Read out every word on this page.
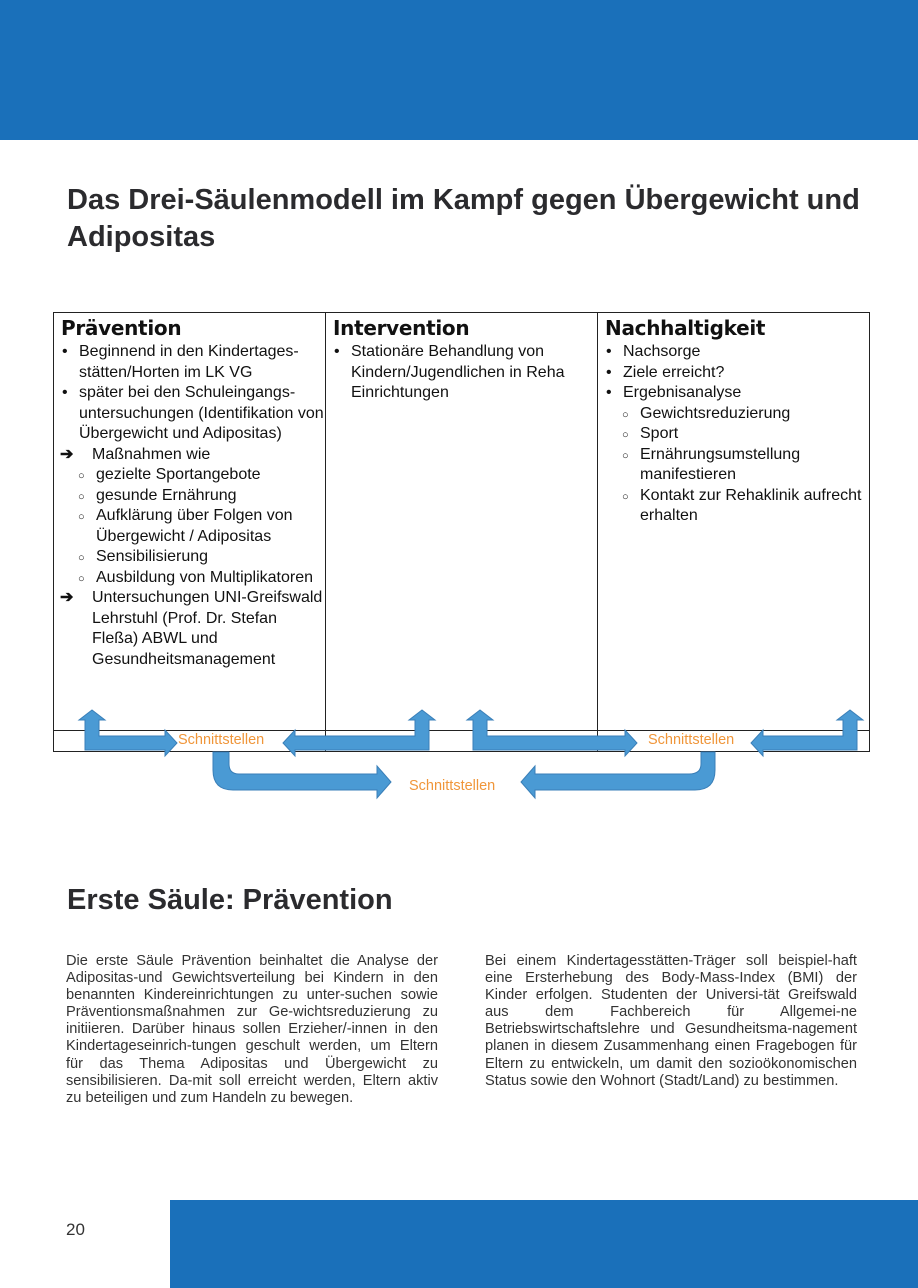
Das Drei-Säulenmodell im Kampf gegen Übergewicht und Adipositas
Prävention
• Beginnend in den Kindertages-stätten/Horten im LK VG
• später bei den Schuleingangs-untersuchungen (Identifikation von Übergewicht und Adipositas)
➔ Maßnahmen wie
○ gezielte Sportangebote
○ gesunde Ernährung
○ Aufklärung über Folgen von Übergewicht / Adipositas
○ Sensibilisierung
○ Ausbildung von Multiplikatoren
➔ Untersuchungen UNI-Greifswald Lehrstuhl (Prof. Dr. Stefan Fleßa) ABWL und Gesundheitsmanagement
Intervention
• Stationäre Behandlung von Kindern/Jugendlichen in Reha Einrichtungen
Nachhaltigkeit
• Nachsorge
• Ziele erreicht?
• Ergebnisanalyse
○ Gewichtsreduzierung
○ Sport
○ Ernährungsumstellung manifestieren
○ Kontakt zur Rehaklinik aufrecht erhalten
Schnittstellen	Schnittstellen
Schnittstellen
Erste Säule: Prävention

Die erste Säule Prävention beinhaltet die Analyse der Adipositas-und Gewichtsverteilung bei Kindern in den benannten Kindereinrichtungen zu unter-suchen sowie Präventionsmaßnahmen zur Ge-wichtsreduzierung zu initiieren. Darüber hinaus sollen Erzieher/-innen in den Kindertageseinrich-tungen geschult werden, um Eltern für das Thema Adipositas und Übergewicht zu sensibilisieren. Da-mit soll erreicht werden, Eltern aktiv zu beteiligen und zum Handeln zu bewegen.

Bei einem Kindertagesstätten-Träger soll beispiel-haft eine Ersterhebung des Body-Mass-Index (BMI) der Kinder erfolgen. Studenten der Universi-tät Greifswald aus dem Fachbereich für Allgemei-ne Betriebswirtschaftslehre und Gesundheitsma-nagement planen in diesem Zusammenhang einen Fragebogen für Eltern zu entwickeln, um damit den sozioökonomischen Status sowie den Wohnort (Stadt/Land) zu bestimmen.

20
